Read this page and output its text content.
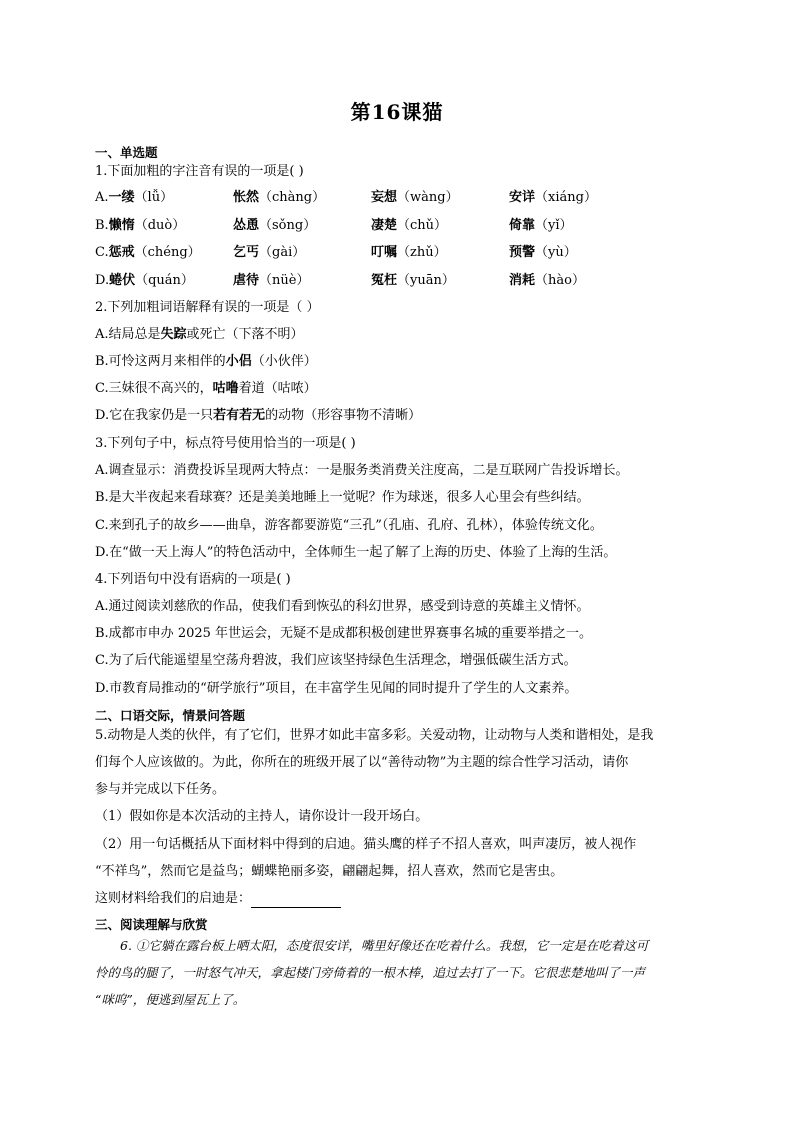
第16课猫
一、单选题
1.下面加粗的字注音有误的一项是( )
A.一缕（lǚ）	怅然（chàng）	妄想（wàng）	安详（xiáng）
B.懒惰（duò）	怂恿（sǒng）	凄楚（chǔ）	倚靠（yǐ）
C.惩戒（chéng） 乞丐（gài）	叮嘱（zhǔ）	预警（yù）
D.蜷伏（quán）	虐待（nüè）	冤枉（yuān）	消耗（hào）
2.下列加粗词语解释有误的一项是（ ）
A.结局总是失踪或死亡（下落不明）
B.可怜这两月来相伴的小侣（小伙伴）
C.三妹很不高兴的，咕噜着道（咕哝）
D.它在我家仍是一只若有若无的动物（形容事物不清晰）
3.下列句子中，标点符号使用恰当的一项是( )
A.调查显示：消费投诉呈现两大特点：一是服务类消费关注度高，二是互联网广告投诉增长。
B.是大半夜起来看球赛？还是美美地睡上一觉呢？作为球迷，很多人心里会有些纠结。
C.来到孔子的故乡——曲阜，游客都要游览“三孔”（孔庙、孔府、孔林），体验传统文化。
D.在“做一天上海人”的特色活动中，全体师生一起了解了上海的历史、体验了上海的生活。
4.下列语句中没有语病的一项是( )
A.通过阅读刘慈欣的作品，使我们看到恢弘的科幻世界，感受到诗意的英雄主义情怀。
B.成都市申办 2025 年世运会，无疑不是成都积极创建世界赛事名城的重要举措之一。
C.为了后代能遥望星空荡舟碧波，我们应该坚持绿色生活理念，增强低碳生活方式。
D.市教育局推动的“研学旅行”项目，在丰富学生见闻的同时提升了学生的人文素养。
二、口语交际，情景问答题
5.动物是人类的伙伴，有了它们，世界才如此丰富多彩。关爱动物，让动物与人类和谐相处，是我
们每个人应该做的。为此，你所在的班级开展了以“善待动物”为主题的综合性学习活动，请你
参与并完成以下任务。
（1）假如你是本次活动的主持人，请你设计一段开场白。
（2）用一句话概括从下面材料中得到的启迪。猫头鹰的样子不招人喜欢，叫声凄厉，被人视作
“不祥鸟”，然而它是益鸟；蝴蝶艳丽多姿，翩翩起舞，招人喜欢，然而它是害虫。
这则材料给我们的启迪是：
三、阅读理解与欣赏
6. ①它躺在露台板上晒太阳，态度很安详，嘴里好像还在吃着什么。我想，它一定是在吃着这可
怜的鸟的腿了，一时怒气冲天，拿起楼门旁倚着的一根木棒，追过去打了一下。它很悲楚地叫了一声
“咪呜”，便逃到屋瓦上了。
